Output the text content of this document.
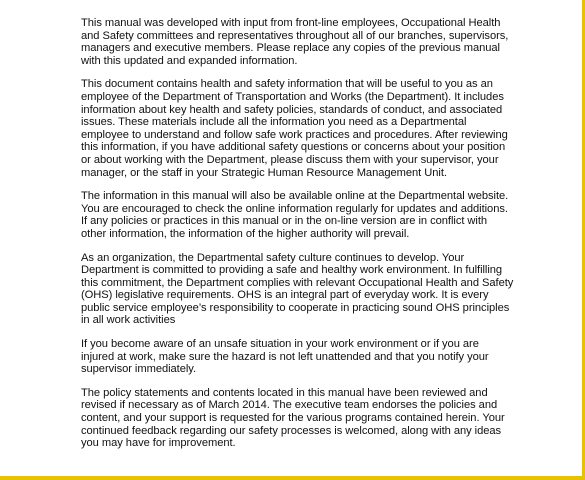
This manual was developed with input from front-line employees, Occupational Health
and Safety committees and representatives throughout all of our branches, supervisors,
managers and executive members. Please replace any copies of the previous manual
with this updated and expanded information.

This document contains health and safety information that will be useful to you as an
employee of the Department of Transportation and Works (the Department). It includes
information about key health and safety policies, standards of conduct, and associated
issues. These materials include all the information you need as a Departmental
employee to understand and follow safe work practices and procedures. After reviewing
this information, if you have additional safety questions or concerns about your position
or about working with the Department, please discuss them with your supervisor, your
manager, or the staff in your Strategic Human Resource Management Unit.

The information in this manual will also be available online at the Departmental website.
You are encouraged to check the online information regularly for updates and additions.
If any policies or practices in this manual or in the on-line version are in conflict with
other information, the information of the higher authority will prevail.

As an organization, the Departmental safety culture continues to develop. Your
Department is committed to providing a safe and healthy work environment. In fulfilling
this commitment, the Department complies with relevant Occupational Health and Safety
(OHS) legislative requirements. OHS is an integral part of everyday work. It is every
public service employee’s responsibility to cooperate in practicing sound OHS principles
in all work activities

If you become aware of an unsafe situation in your work environment or if you are
injured at work, make sure the hazard is not left unattended and that you notify your
supervisor immediately.

The policy statements and contents located in this manual have been reviewed and
revised if necessary as of March 2014. The executive team endorses the policies and
content, and your support is requested for the various programs contained herein. Your
continued feedback regarding our safety processes is welcomed, along with any ideas
you may have for improvement.
